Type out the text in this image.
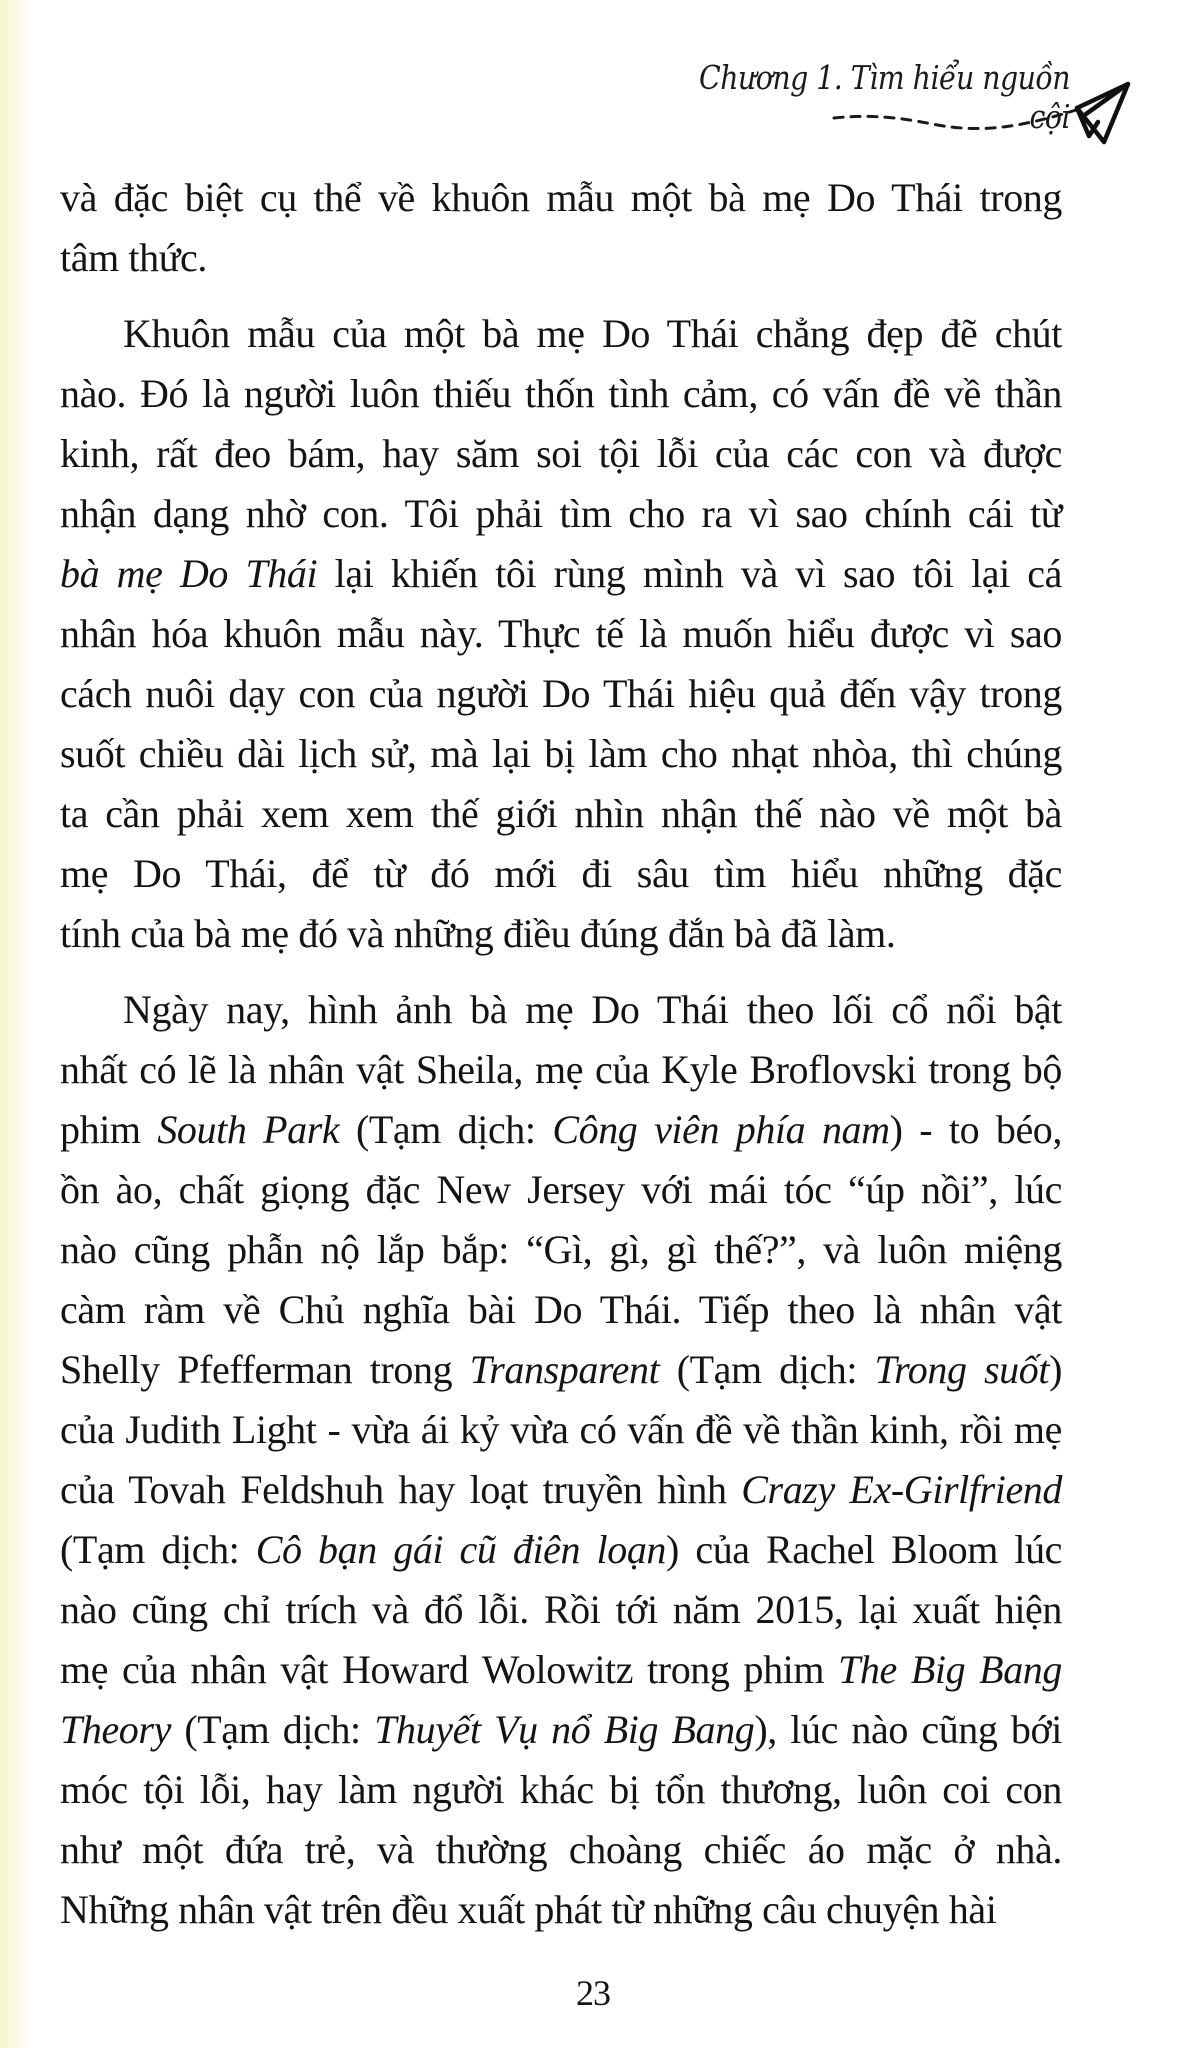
Chương 1. Tìm hiểu nguồn cội
và đặc biệt cụ thể về khuôn mẫu một bà mẹ Do Thái trong
tâm thức.
Khuôn mẫu của một bà mẹ Do Thái chẳng đẹp đẽ chút
nào. Đó là người luôn thiếu thốn tình cảm, có vấn đề về thần
kinh, rất đeo bám, hay săm soi tội lỗi của các con và được
nhận dạng nhờ con. Tôi phải tìm cho ra vì sao chính cái từ
bà mẹ Do Thái lại khiến tôi rùng mình và vì sao tôi lại cá
nhân hóa khuôn mẫu này. Thực tế là muốn hiểu được vì sao
cách nuôi dạy con của người Do Thái hiệu quả đến vậy trong
suốt chiều dài lịch sử, mà lại bị làm cho nhạt nhòa, thì chúng
ta cần phải xem xem thế giới nhìn nhận thế nào về một bà
mẹ Do Thái, để từ đó mới đi sâu tìm hiểu những đặc
tính của bà mẹ đó và những điều đúng đắn bà đã làm.
Ngày nay, hình ảnh bà mẹ Do Thái theo lối cổ nổi bật
nhất có lẽ là nhân vật Sheila, mẹ của Kyle Broflovski trong bộ
phim South Park (Tạm dịch: Công viên phía nam) - to béo,
ồn ào, chất giọng đặc New Jersey với mái tóc “úp nồi”, lúc
nào cũng phẫn nộ lắp bắp: “Gì, gì, gì thế?”, và luôn miệng
càm ràm về Chủ nghĩa bài Do Thái. Tiếp theo là nhân vật
Shelly Pfefferman trong Transparent (Tạm dịch: Trong suốt)
của Judith Light - vừa ái kỷ vừa có vấn đề về thần kinh, rồi mẹ
của Tovah Feldshuh hay loạt truyền hình Crazy Ex-Girlfriend
(Tạm dịch: Cô bạn gái cũ điên loạn) của Rachel Bloom lúc
nào cũng chỉ trích và đổ lỗi. Rồi tới năm 2015, lại xuất hiện
mẹ của nhân vật Howard Wolowitz trong phim The Big Bang
Theory (Tạm dịch: Thuyết Vụ nổ Big Bang), lúc nào cũng bới
móc tội lỗi, hay làm người khác bị tổn thương, luôn coi con
như một đứa trẻ, và thường choàng chiếc áo mặc ở nhà.
Những nhân vật trên đều xuất phát từ những câu chuyện hài
23
